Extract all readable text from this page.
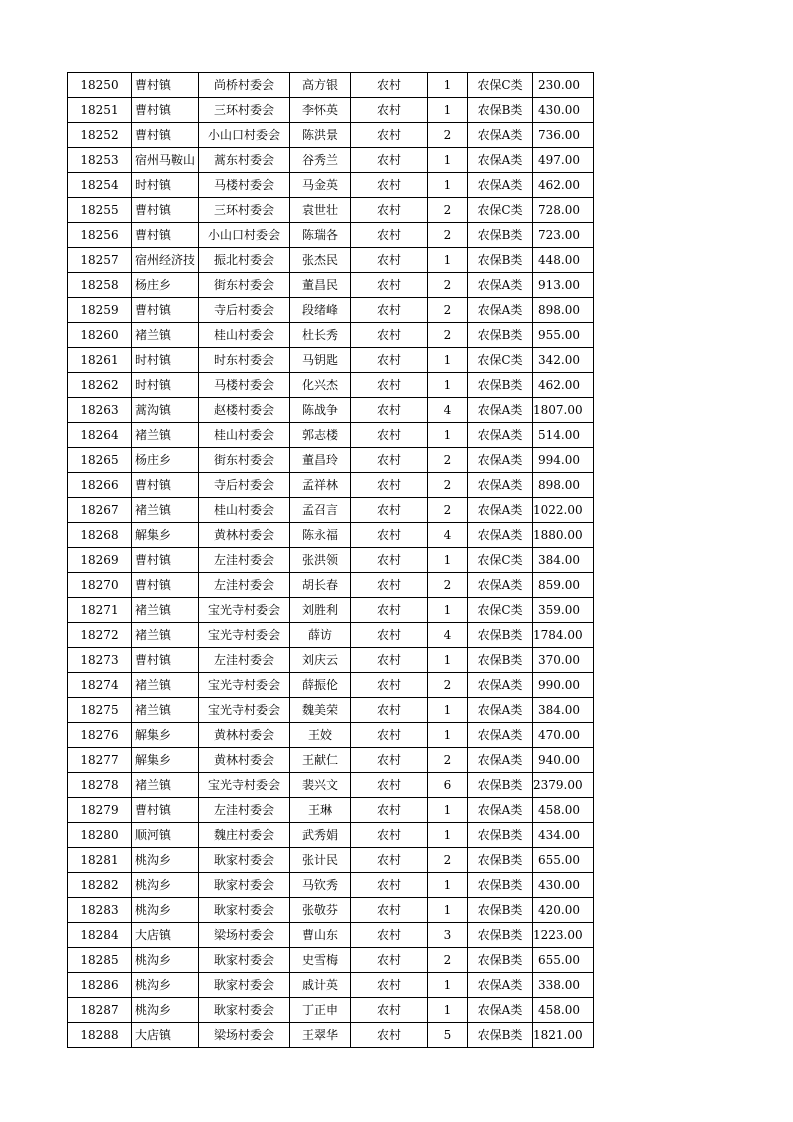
18250	曹村镇	尚桥村委会	高方银	农村	1	农保C类	230.00
18251	曹村镇	三环村委会	李怀英	农村	1	农保B类	430.00
18252	曹村镇	小山口村委会	陈洪景	农村	2	农保A类	736.00
18253	宿州马鞍山	蒿东村委会	谷秀兰	农村	1	农保A类	497.00
18254	时村镇	马楼村委会	马金英	农村	1	农保A类	462.00
18255	曹村镇	三环村委会	袁世壮	农村	2	农保C类	728.00
18256	曹村镇	小山口村委会	陈瑞各	农村	2	农保B类	723.00
18257	宿州经济技	振北村委会	张杰民	农村	1	农保B类	448.00
18258	杨庄乡	街东村委会	董昌民	农村	2	农保A类	913.00
18259	曹村镇	寺后村委会	段绪峰	农村	2	农保A类	898.00
18260	褚兰镇	桂山村委会	杜长秀	农村	2	农保B类	955.00
18261	时村镇	时东村委会	马钥匙	农村	1	农保C类	342.00
18262	时村镇	马楼村委会	化兴杰	农村	1	农保B类	462.00
18263	蒿沟镇	赵楼村委会	陈战争	农村	4	农保A类	1807.00
18264	褚兰镇	桂山村委会	郭志楼	农村	1	农保A类	514.00
18265	杨庄乡	街东村委会	董昌玲	农村	2	农保A类	994.00
18266	曹村镇	寺后村委会	孟祥林	农村	2	农保A类	898.00
18267	褚兰镇	桂山村委会	孟召言	农村	2	农保A类	1022.00
18268	解集乡	黄林村委会	陈永福	农村	4	农保A类	1880.00
18269	曹村镇	左洼村委会	张洪领	农村	1	农保C类	384.00
18270	曹村镇	左洼村委会	胡长春	农村	2	农保A类	859.00
18271	褚兰镇	宝光寺村委会	刘胜利	农村	1	农保C类	359.00
18272	褚兰镇	宝光寺村委会	薛访	农村	4	农保B类	1784.00
18273	曹村镇	左洼村委会	刘庆云	农村	1	农保B类	370.00
18274	褚兰镇	宝光寺村委会	薛振伦	农村	2	农保A类	990.00
18275	褚兰镇	宝光寺村委会	魏美荣	农村	1	农保A类	384.00
18276	解集乡	黄林村委会	王姣	农村	1	农保A类	470.00
18277	解集乡	黄林村委会	王献仁	农村	2	农保A类	940.00
18278	褚兰镇	宝光寺村委会	裴兴文	农村	6	农保B类	2379.00
18279	曹村镇	左洼村委会	王琳	农村	1	农保A类	458.00
18280	顺河镇	魏庄村委会	武秀娟	农村	1	农保B类	434.00
18281	桃沟乡	耿家村委会	张计民	农村	2	农保B类	655.00
18282	桃沟乡	耿家村委会	马钦秀	农村	1	农保B类	430.00
18283	桃沟乡	耿家村委会	张敬芬	农村	1	农保B类	420.00
18284	大店镇	梁场村委会	曹山东	农村	3	农保B类	1223.00
18285	桃沟乡	耿家村委会	史雪梅	农村	2	农保B类	655.00
18286	桃沟乡	耿家村委会	戚计英	农村	1	农保A类	338.00
18287	桃沟乡	耿家村委会	丁正申	农村	1	农保A类	458.00
18288	大店镇	梁场村委会	王翠华	农村	5	农保B类	1821.00
